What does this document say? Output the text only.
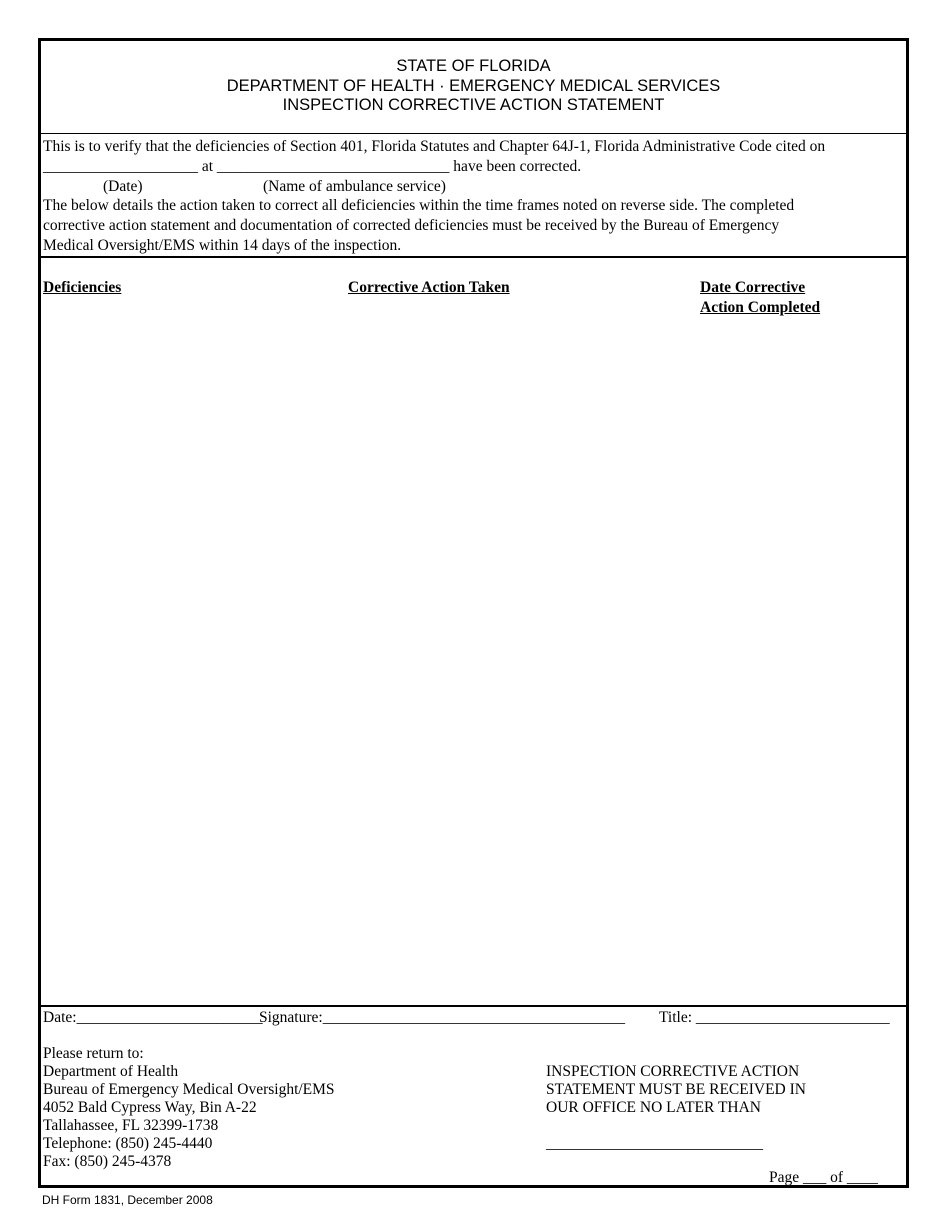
STATE OF FLORIDA
DEPARTMENT OF HEALTH · EMERGENCY MEDICAL SERVICES
INSPECTION CORRECTIVE ACTION STATEMENT
This is to verify that the deficiencies of Section 401, Florida Statutes and Chapter 64J-1, Florida Administrative Code cited on
____________________ at ______________________________ have been corrected.
(Date)	(Name of ambulance service)
The below details the action taken to correct all deficiencies within the time frames noted on reverse side. The completed
corrective action statement and documentation of corrected deficiencies must be received by the Bureau of Emergency
Medical Oversight/EMS within 14 days of the inspection.
Deficiencies	Corrective Action Taken	Date Corrective
Action Completed
Date:________________________
Signature:_______________________________________ Title: _________________________
Please return to:
Department of Health
Bureau of Emergency Medical Oversight/EMS
4052 Bald Cypress Way, Bin A-22
Tallahassee, FL 32399-1738
Telephone: (850) 245-4440
Fax: (850) 245-4378
INSPECTION CORRECTIVE ACTION
STATEMENT MUST BE RECEIVED IN
OUR OFFICE NO LATER THAN
____________________________
Page ___ of ____
DH Form 1831, December 2008
